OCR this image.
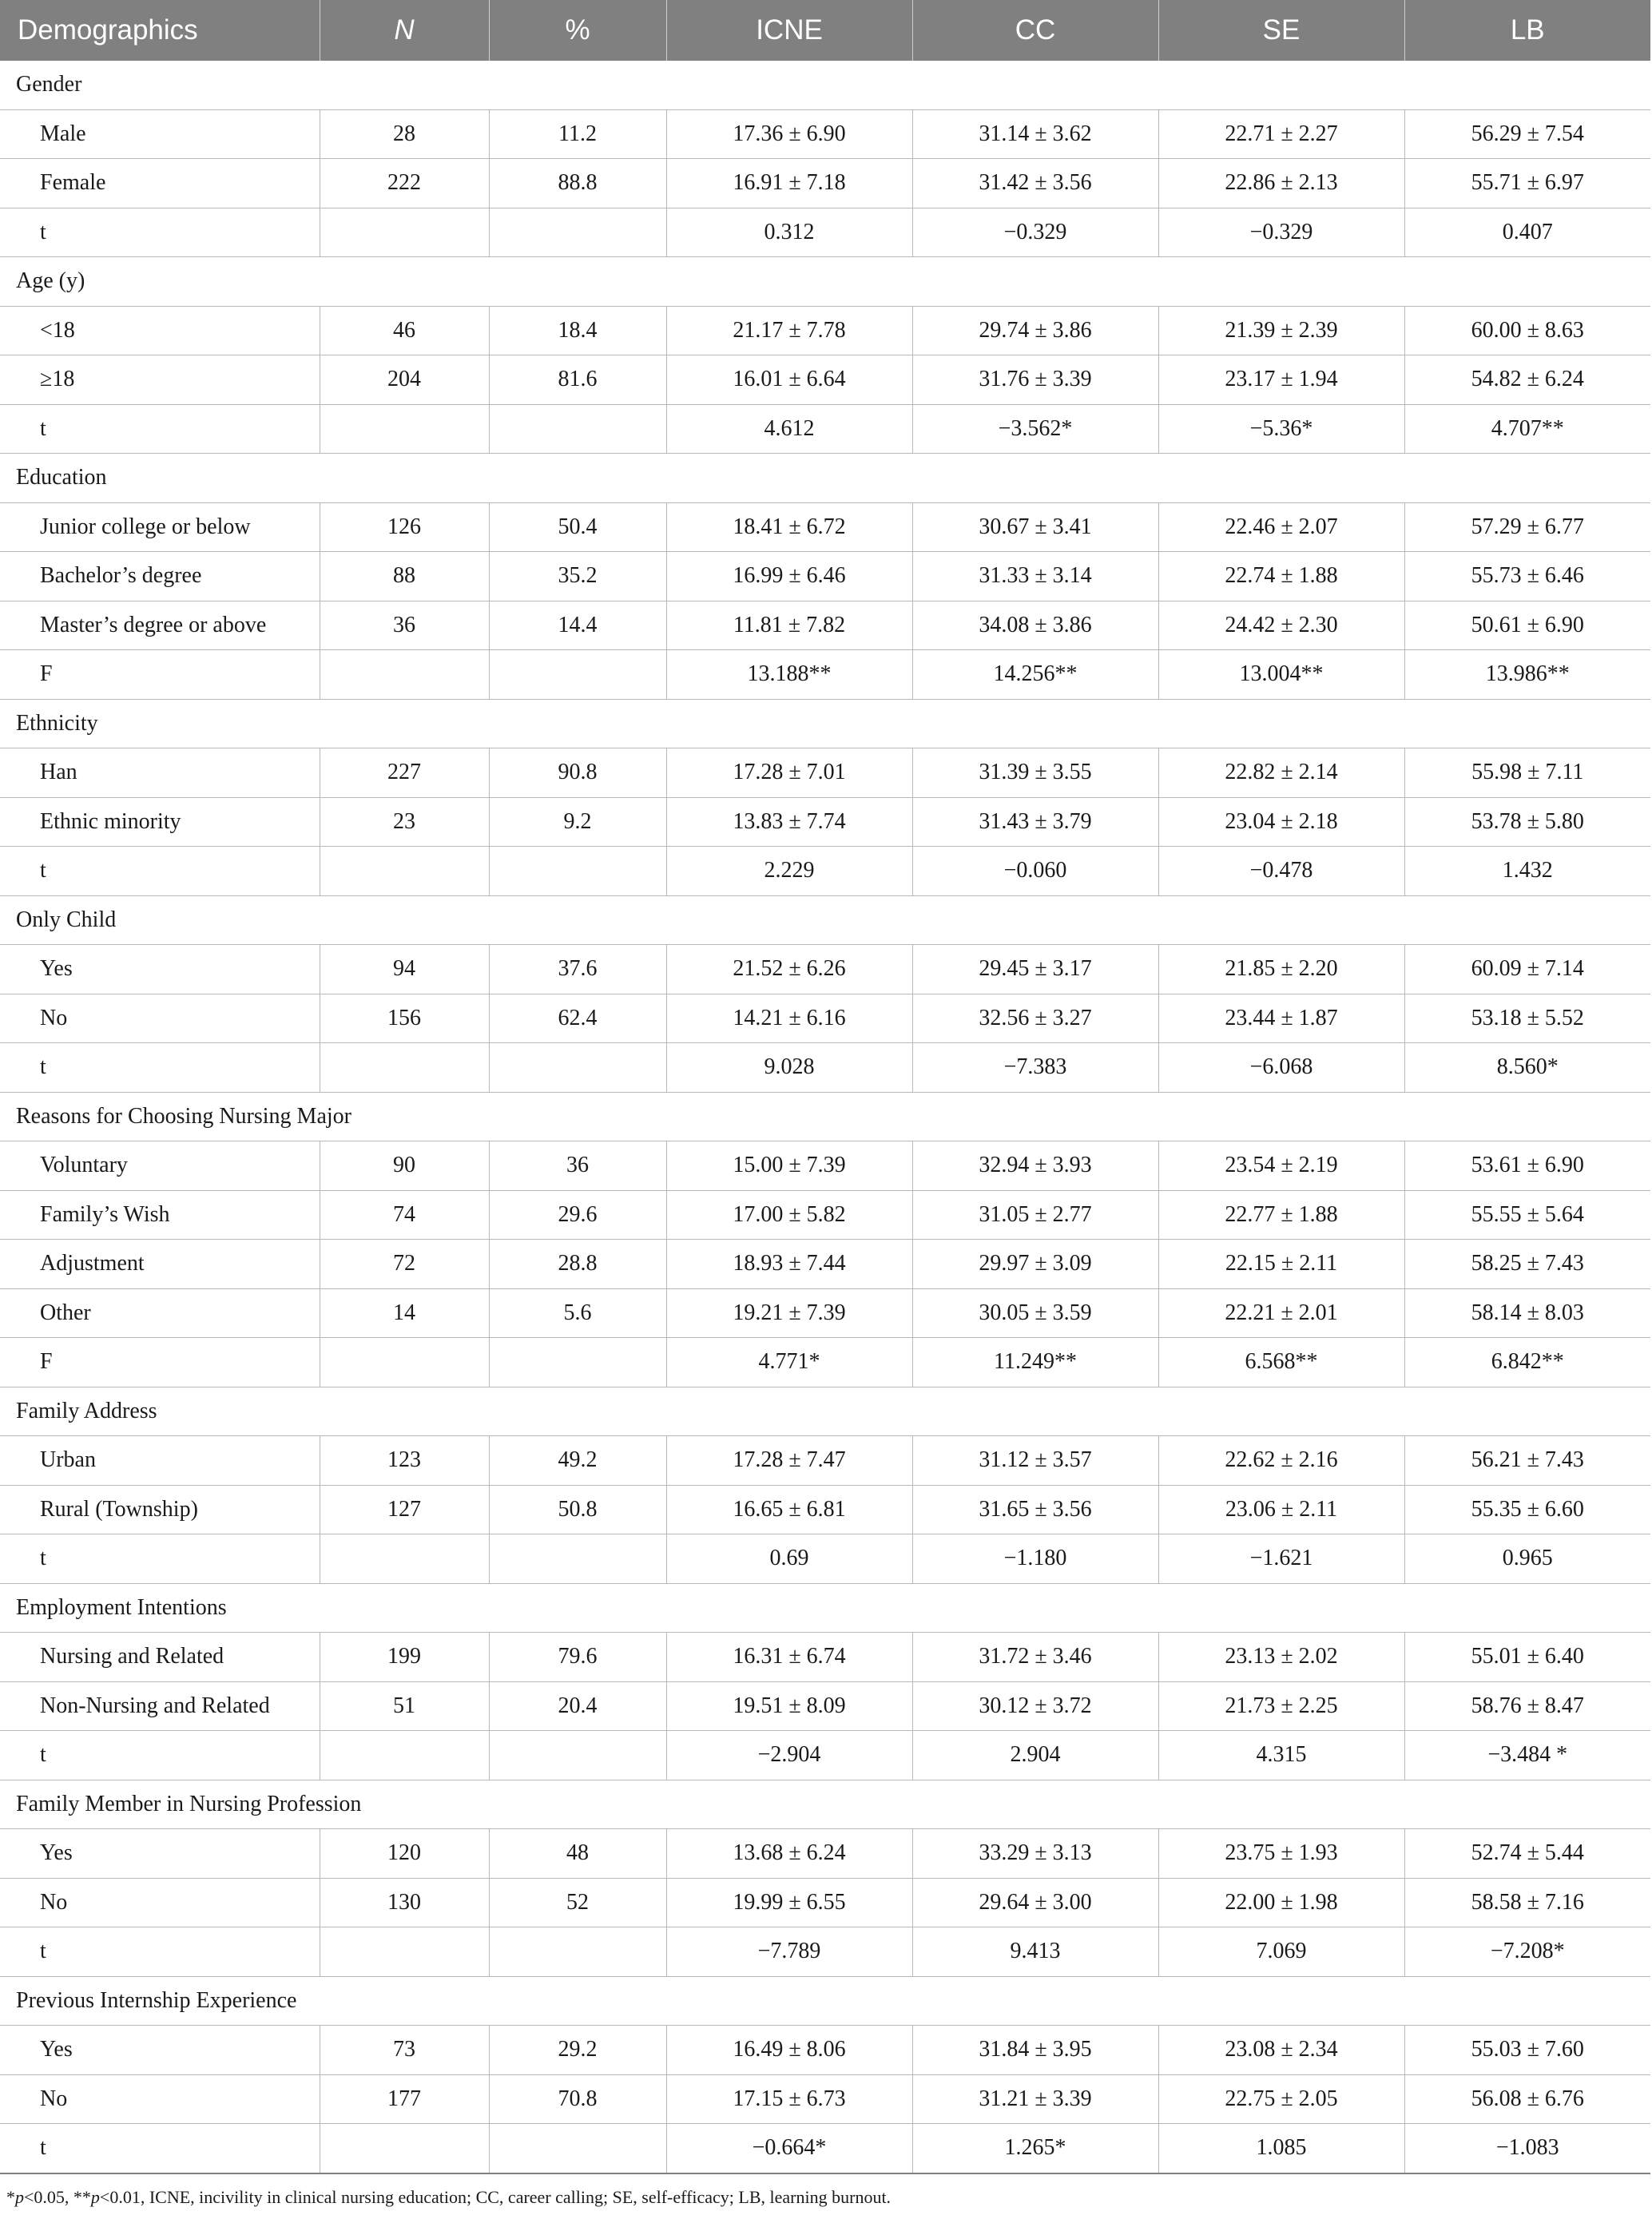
Demographics	N	%	ICNE	CC	SE	LB
Gender						
Male	28	11.2	17.36 ± 6.90	31.14 ± 3.62	22.71 ± 2.27	56.29 ± 7.54
Female	222	88.8	16.91 ± 7.18	31.42 ± 3.56	22.86 ± 2.13	55.71 ± 6.97
t			0.312	−0.329	−0.329	0.407
Age (y)						
<18	46	18.4	21.17 ± 7.78	29.74 ± 3.86	21.39 ± 2.39	60.00 ± 8.63
≥18	204	81.6	16.01 ± 6.64	31.76 ± 3.39	23.17 ± 1.94	54.82 ± 6.24
t			4.612	−3.562*	−5.36*	4.707**
Education						
Junior college or below	126	50.4	18.41 ± 6.72	30.67 ± 3.41	22.46 ± 2.07	57.29 ± 6.77
Bachelor’s degree	88	35.2	16.99 ± 6.46	31.33 ± 3.14	22.74 ± 1.88	55.73 ± 6.46
Master’s degree or above	36	14.4	11.81 ± 7.82	34.08 ± 3.86	24.42 ± 2.30	50.61 ± 6.90
F			13.188**	14.256**	13.004**	13.986**
Ethnicity						
Han	227	90.8	17.28 ± 7.01	31.39 ± 3.55	22.82 ± 2.14	55.98 ± 7.11
Ethnic minority	23	9.2	13.83 ± 7.74	31.43 ± 3.79	23.04 ± 2.18	53.78 ± 5.80
t			2.229	−0.060	−0.478	1.432
Only Child						
Yes	94	37.6	21.52 ± 6.26	29.45 ± 3.17	21.85 ± 2.20	60.09 ± 7.14
No	156	62.4	14.21 ± 6.16	32.56 ± 3.27	23.44 ± 1.87	53.18 ± 5.52
t			9.028	−7.383	−6.068	8.560*
Reasons for Choosing Nursing Major						
Voluntary	90	36	15.00 ± 7.39	32.94 ± 3.93	23.54 ± 2.19	53.61 ± 6.90
Family’s Wish	74	29.6	17.00 ± 5.82	31.05 ± 2.77	22.77 ± 1.88	55.55 ± 5.64
Adjustment	72	28.8	18.93 ± 7.44	29.97 ± 3.09	22.15 ± 2.11	58.25 ± 7.43
Other	14	5.6	19.21 ± 7.39	30.05 ± 3.59	22.21 ± 2.01	58.14 ± 8.03
F			4.771*	11.249**	6.568**	6.842**
Family Address						
Urban	123	49.2	17.28 ± 7.47	31.12 ± 3.57	22.62 ± 2.16	56.21 ± 7.43
Rural (Township)	127	50.8	16.65 ± 6.81	31.65 ± 3.56	23.06 ± 2.11	55.35 ± 6.60
t			0.69	−1.180	−1.621	0.965
Employment Intentions						
Nursing and Related	199	79.6	16.31 ± 6.74	31.72 ± 3.46	23.13 ± 2.02	55.01 ± 6.40
Non-Nursing and Related	51	20.4	19.51 ± 8.09	30.12 ± 3.72	21.73 ± 2.25	58.76 ± 8.47
t			−2.904	2.904	4.315	−3.484 *
Family Member in Nursing Profession						
Yes	120	48	13.68 ± 6.24	33.29 ± 3.13	23.75 ± 1.93	52.74 ± 5.44
No	130	52	19.99 ± 6.55	29.64 ± 3.00	22.00 ± 1.98	58.58 ± 7.16
t			−7.789	9.413	7.069	−7.208*
Previous Internship Experience						
Yes	73	29.2	16.49 ± 8.06	31.84 ± 3.95	23.08 ± 2.34	55.03 ± 7.60
No	177	70.8	17.15 ± 6.73	31.21 ± 3.39	22.75 ± 2.05	56.08 ± 6.76
t			−0.664*	1.265*	1.085	−1.083
*p<0.05, **p<0.01, ICNE, incivility in clinical nursing education; CC, career calling; SE, self-efficacy; LB, learning burnout.
